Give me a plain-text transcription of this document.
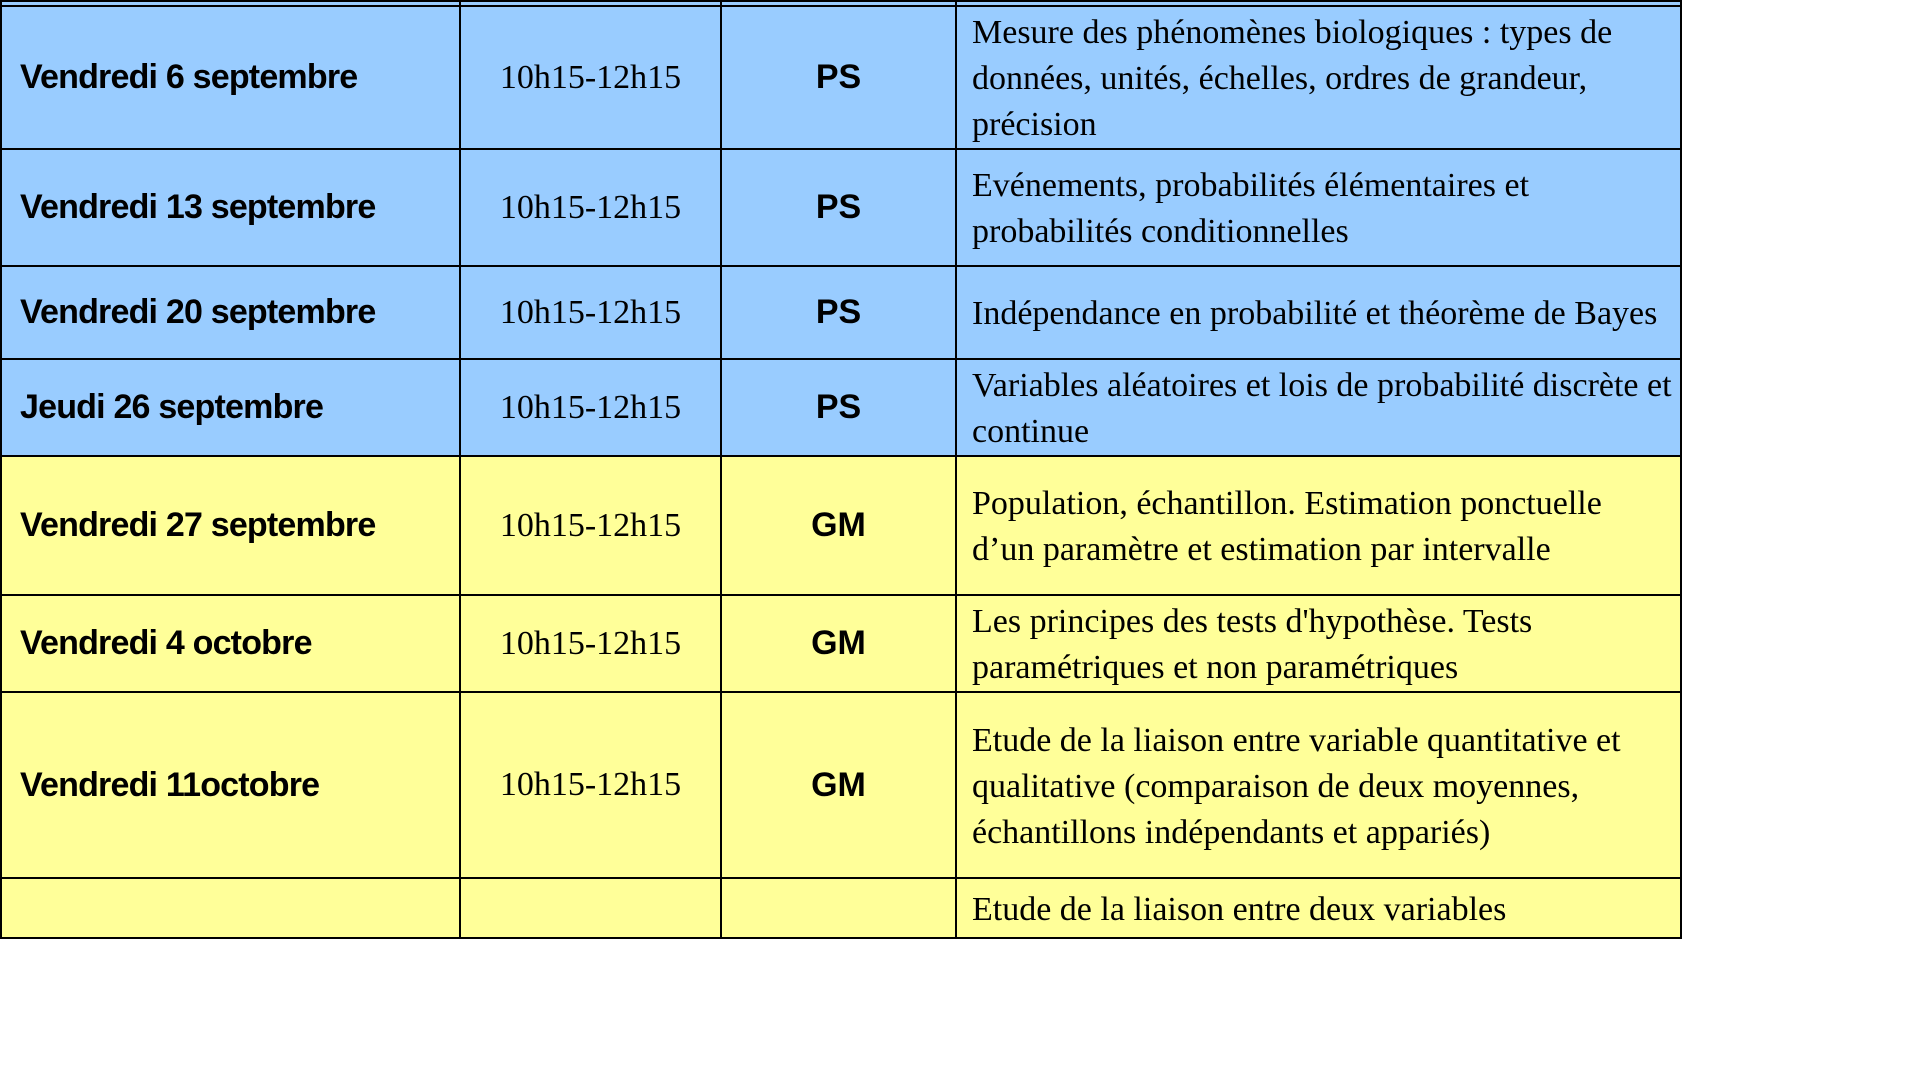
Vendredi 6 septembre	10h15-12h15	PS	Mesure des phénomènes biologiques : types de données, unités, échelles, ordres de grandeur, précision

Vendredi 13 septembre	10h15-12h15	PS	Evénements, probabilités élémentaires et probabilités conditionnelles

Vendredi 20 septembre	10h15-12h15	PS	Indépendance en probabilité et théorème de Bayes

Jeudi 26 septembre	10h15-12h15	PS	Variables aléatoires et lois de probabilité discrète et continue

Vendredi 27 septembre	10h15-12h15	GM	Population, échantillon. Estimation ponctuelle d’un paramètre et estimation par intervalle

Vendredi 4 octobre	10h15-12h15	GM	Les principes des tests d'hypothèse. Tests paramétriques et non paramétriques

Vendredi 11octobre	10h15-12h15	GM	Etude de la liaison entre variable quantitative et qualitative (comparaison de deux moyennes, échantillons indépendants et appariés)

			Etude de la liaison entre deux variables
